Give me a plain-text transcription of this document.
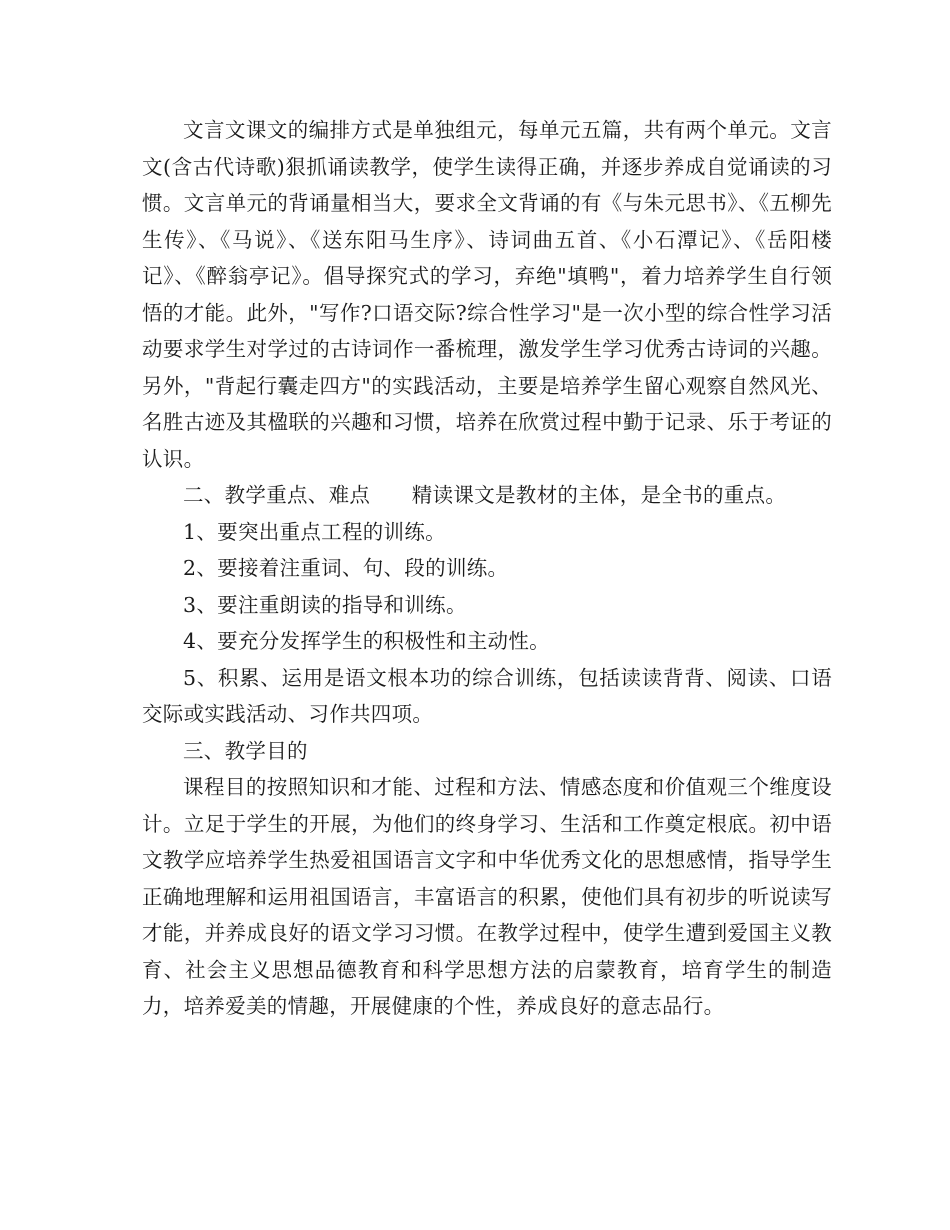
文言文课文的编排方式是单独组元，每单元五篇，共有两个单元。文言文(含古代诗歌)狠抓诵读教学，使学生读得正确，并逐步养成自觉诵读的习惯。文言单元的背诵量相当大，要求全文背诵的有《与朱元思书》、《五柳先生传》、《马说》、《送东阳马生序》、诗词曲五首、《小石潭记》、《岳阳楼记》、《醉翁亭记》。倡导探究式的学习，弃绝"填鸭"，着力培养学生自行领悟的才能。此外，"写作?口语交际?综合性学习"是一次小型的综合性学习活动要求学生对学过的古诗词作一番梳理，激发学生学习优秀古诗词的兴趣。另外，"背起行囊走四方"的实践活动，主要是培养学生留心观察自然风光、名胜古迹及其楹联的兴趣和习惯，培养在欣赏过程中勤于记录、乐于考证的认识。

二、教学重点、难点　　精读课文是教材的主体，是全书的重点。

1、要突出重点工程的训练。

2、要接着注重词、句、段的训练。

3、要注重朗读的指导和训练。

4、要充分发挥学生的积极性和主动性。

5、积累、运用是语文根本功的综合训练，包括读读背背、阅读、口语交际或实践活动、习作共四项。

三、教学目的

课程目的按照知识和才能、过程和方法、情感态度和价值观三个维度设计。立足于学生的开展，为他们的终身学习、生活和工作奠定根底。初中语文教学应培养学生热爱祖国语言文字和中华优秀文化的思想感情，指导学生正确地理解和运用祖国语言，丰富语言的积累，使他们具有初步的听说读写才能，并养成良好的语文学习习惯。在教学过程中，使学生遭到爱国主义教育、社会主义思想品德教育和科学思想方法的启蒙教育，培育学生的制造力，培养爱美的情趣，开展健康的个性，养成良好的意志品行。
